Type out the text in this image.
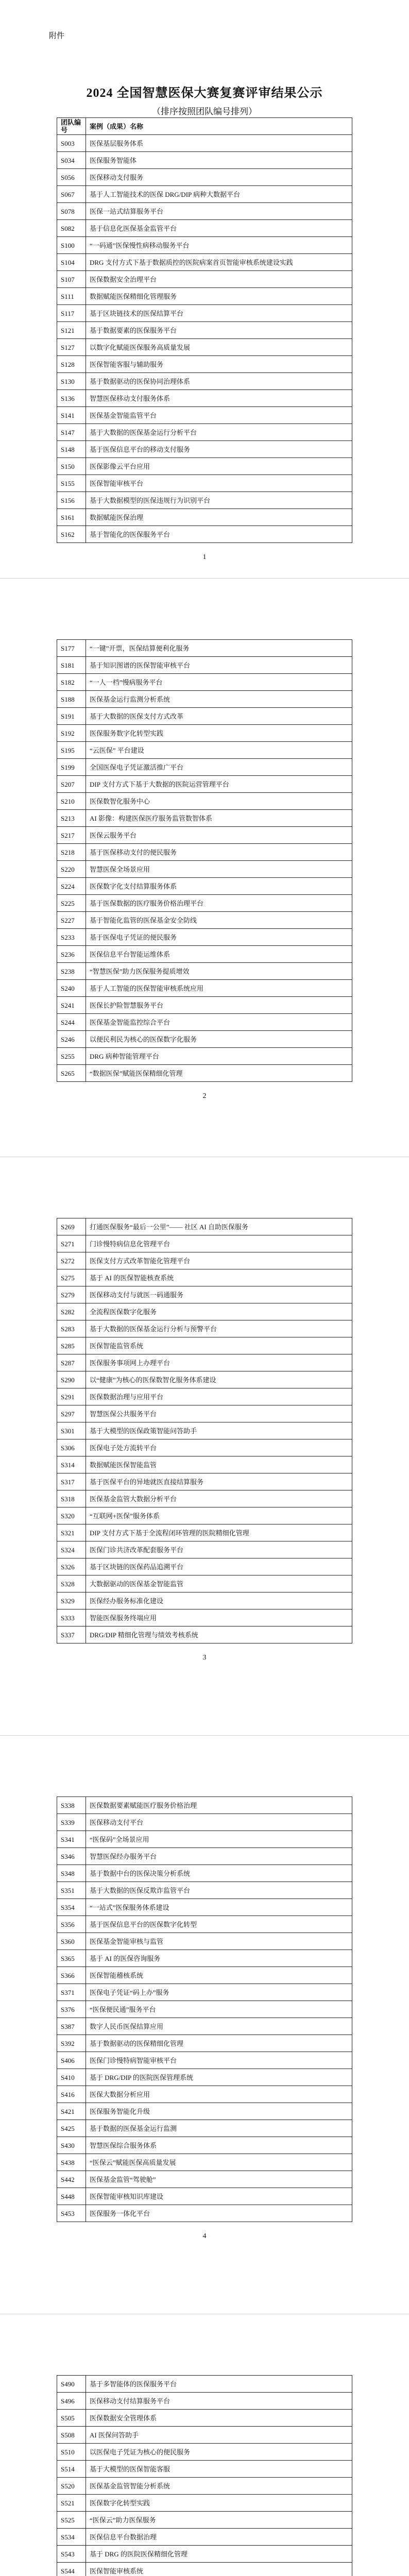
附件
2024 全国智慧医保大赛复赛评审结果公示
（排序按照团队编号排列）
团队编号	案例（成果）名称
S003	医保基层服务体系
S034	医保服务智能体
S056	医保移动支付服务
S067	基于人工智能技术的医保 DRG/DIP 病种大数据平台
S078	医保一站式结算服务平台
S082	基于信息化医保基金监管平台
S100	“一码通”医保慢性病移动服务平台
S104	DRG 支付方式下基于数据质控的医院病案首页智能审核系统建设实践
S107	医保数据安全治理平台
S111	数据赋能医保精细化管理服务
S117	基于区块链技术的医保结算平台
S121	基于数据要素的医保服务平台
S127	以数字化赋能医保服务高质量发展
S128	医保智能客服与辅助服务
S130	基于数据驱动的医保协同治理体系
S136	智慧医保移动支付服务体系
S141	医保基金智能监管平台
S147	基于大数据的医保基金运行分析平台
S148	基于医保信息平台的移动支付服务
S150	医保影像云平台应用
S155	医保智能审核平台
S156	基于大数据模型的医保违规行为识别平台
S161	数据赋能医保治理
S162	基于智能化的医保服务平台
1
S177	“一键”开票，医保结算便利化服务
S181	基于知识图谱的医保智能审核平台
S182	“一人一档”慢病服务平台
S188	医保基金运行监测分析系统
S191	基于大数据的医保支付方式改革
S192	医保服务数字化转型实践
S195	“云医保” 平台建设
S199	全国医保电子凭证激活推广平台
S207	DIP 支付方式下基于大数据的医院运营管理平台
S210	医保数智化服务中心
S213	AI 影像：构建医保医疗服务监管数智体系
S217	医保云服务平台
S218	基于医保移动支付的便民服务
S220	智慧医保全场景应用
S224	医保数字化支付结算服务体系
S225	基于医保数据的医疗服务价格治理平台
S227	基于智能化监管的医保基金安全防线
S233	基于医保电子凭证的便民服务
S236	医保信息平台智能运维体系
S238	“智慧医保”助力医保服务提质增效
S240	基于人工智能的医保智能审核系统应用
S241	医保长护险智慧服务平台
S244	医保基金智能监控综合平台
S246	以便民利民为核心的医保数字化服务
S255	DRG 病种智能管理平台
S265	“数据医保”赋能医保精细化管理
2
S269	打通医保服务“最后一公里”—— 社区 AI 自助医保服务
S271	门诊慢特病信息化管理平台
S272	医保支付方式改革智能化管理平台
S275	基于 AI 的医保智能核查系统
S279	医保移动支付与就医一码通服务
S282	全流程医保数字化服务
S283	基于大数据的医保基金运行分析与预警平台
S285	医保智能监管系统
S287	医保服务事项网上办理平台
S290	以“健康”为核心的医保数智化服务体系建设
S291	医保数据治理与应用平台
S297	智慧医保公共服务平台
S301	基于大模型的医保政策智能问答助手
S306	医保电子处方流转平台
S314	数据赋能医保智能监管
S317	基于医保平台的异地就医直接结算服务
S318	医保基金监管大数据分析平台
S320	“互联网+医保”服务体系
S321	DIP 支付方式下基于全流程闭环管理的医院精细化管理
S324	医保门诊共济改革配套服务平台
S326	基于区块链的医保药品追溯平台
S328	大数据驱动的医保基金智能监管
S329	医保经办服务标准化建设
S333	智能医保服务终端应用
S337	DRG/DIP 精细化管理与绩效考核系统
3
S338	医保数据要素赋能医疗服务价格治理
S339	医保移动支付平台
S341	“医保码”全场景应用
S346	智慧医保经办服务平台
S348	基于数据中台的医保决策分析系统
S351	基于大数据的医保反欺诈监管平台
S354	“一站式”医保服务体系建设
S356	基于医保信息平台的医保数字化转型
S360	医保基金智能审核与监管
S365	基于 AI 的医保咨询服务
S366	医保智能稽核系统
S371	医保电子凭证“码上办”服务
S376	“医保便民通”服务平台
S387	数字人民币医保结算应用
S392	基于数据驱动的医保精细化管理
S406	医保门诊慢特病智能审核平台
S410	基于 DRG/DIP 的医院医保管理系统
S416	医保大数据分析应用
S421	医保服务智能化升级
S425	基于数据的医保基金运行监测
S430	智慧医保综合服务体系
S438	“医保云”赋能医保高质量发展
S442	医保基金监管“驾驶舱”
S448	医保智能审核知识库建设
S453	医保服务一体化平台
4
S490	基于多智能体的医保服务平台
S496	医保移动支付结算服务平台
S505	医保数据安全管理体系
S508	AI 医保问答助手
S510	以医保电子凭证为核心的便民服务
S514	基于大模型的医保智能客服
S520	医保基金监管智能分析系统
S521	医保数字化转型实践
S525	“医保云”助力医保服务
S534	医保信息平台数据治理
S543	基于 DRG 的医院医保精细化管理
S544	医保智能审核系统
